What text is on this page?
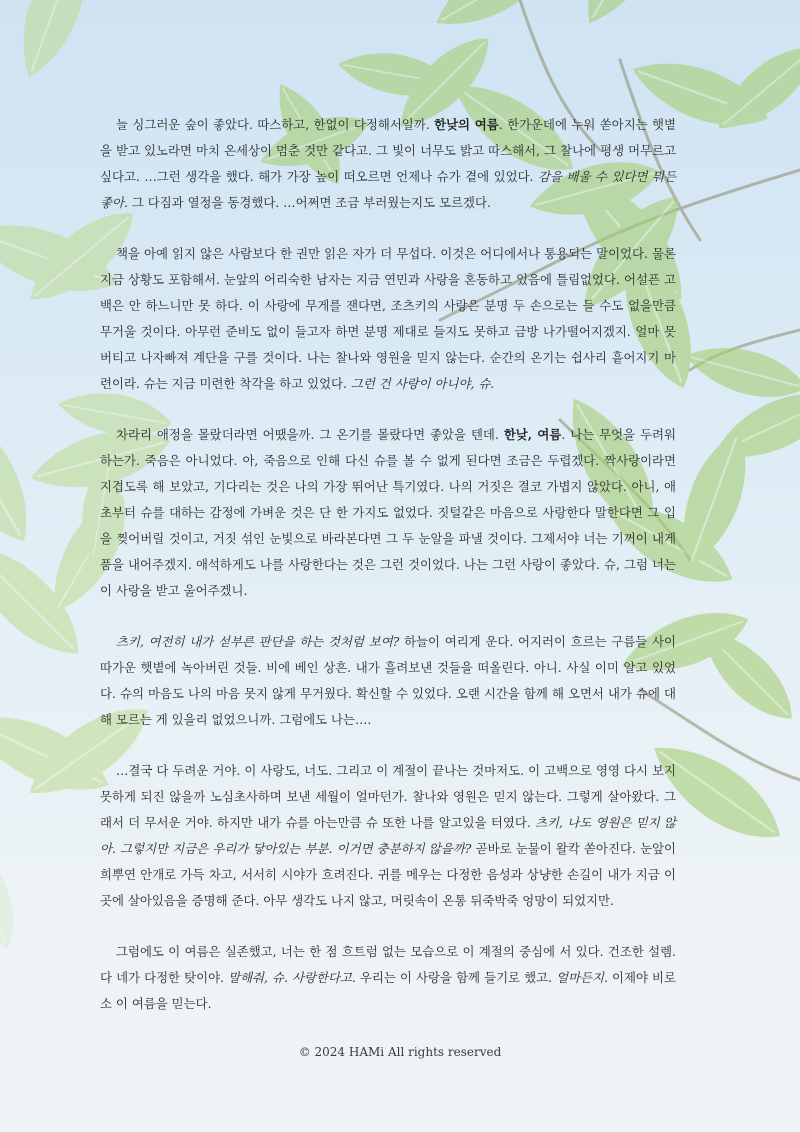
늘 싱그러운 숲이 좋았다. 따스하고, 한없이 다정해서일까. 한낮의 여름. 한가운데에 누워 쏟아지는 햇볕을 받고 있노라면 마치 온세상이 멈춘 것만 같다고. 그 빛이 너무도 밝고 따스해서, 그 찰나에 평생 머무르고 싶다고. …그런 생각을 했다. 해가 가장 높이 떠오르면 언제나 슈가 곁에 있었다. 감을 배울 수 있다면 뭐든 좋아. 그 다짐과 열정을 동경했다. …어쩌면 조금 부러웠는지도 모르겠다.

책을 아예 읽지 않은 사람보다 한 권만 읽은 자가 더 무섭다. 이것은 어디에서나 통용되는 말이었다. 물론 지금 상황도 포함해서. 눈앞의 어리숙한 남자는 지금 연민과 사랑을 혼동하고 있음에 틀림없었다. 어설픈 고백은 안 하느니만 못 하다. 이 사랑에 무게를 잰다면, 조츠키의 사랑은 분명 두 손으로는 들 수도 없을만큼 무거울 것이다. 아무런 준비도 없이 들고자 하면 분명 제대로 들지도 못하고 금방 나가떨어지겠지. 얼마 못 버티고 나자빠져 계단을 구를 것이다. 나는 찰나와 영원을 믿지 않는다. 순간의 온기는 쉽사리 흩어지기 마련이라. 슈는 지금 미련한 착각을 하고 있었다. 그런 건 사랑이 아니야, 슈.

차라리 애정을 몰랐더라면 어땠을까. 그 온기를 몰랐다면 좋았을 텐데. 한낮, 여름. 나는 무엇을 두려워 하는가. 죽음은 아니었다. 아, 죽음으로 인해 다신 슈를 볼 수 없게 된다면 조금은 두렵겠다. 짝사랑이라면 지겹도록 해 보았고, 기다리는 것은 나의 가장 뛰어난 특기였다. 나의 거짓은 결코 가볍지 않았다. 아니, 애초부터 슈를 대하는 감정에 가벼운 것은 단 한 가지도 없었다. 짓털같은 마음으로 사랑한다 말한다면 그 입을 찢어버릴 것이고, 거짓 섞인 눈빛으로 바라본다면 그 두 눈알을 파낼 것이다. 그제서야 너는 기꺼이 내게 품을 내어주겠지. 애석하게도 나를 사랑한다는 것은 그런 것이었다. 나는 그런 사랑이 좋았다. 슈, 그럼 너는 이 사랑을 받고 울어주겠니.

츠키, 여전히 내가 섣부른 판단을 하는 것처럼 보여? 하늘이 여리게 운다. 어지러이 흐르는 구름들 사이 따가운 햇볕에 녹아버린 것들. 비에 베인 상흔. 내가 흘려보낸 것들을 떠올린다. 아니. 사실 이미 알고 있었다. 슈의 마음도 나의 마음 못지 않게 무거웠다. 확신할 수 있었다. 오랜 시간을 함께 해 오면서 내가 슈에 대해 모르는 게 있을리 없었으니까. 그럼에도 나는….

…결국 다 두려운 거야. 이 사랑도, 너도. 그리고 이 계절이 끝나는 것마저도. 이 고백으로 영영 다시 보지 못하게 되진 않을까 노심초사하며 보낸 세월이 얼마던가. 찰나와 영원은 믿지 않는다. 그렇게 살아왔다. 그래서 더 무서운 거야. 하지만 내가 슈를 아는만큼 슈 또한 나를 알고있을 터였다. 츠키, 나도 영원은 믿지 않아. 그렇지만 지금은 우리가 닿아있는 부분. 이거면 충분하지 않을까? 곧바로 눈물이 왈칵 쏟아진다. 눈앞이 희뿌연 안개로 가득 차고, 서서히 시야가 흐려진다. 귀를 메우는 다정한 음성과 상냥한 손길이 내가 지금 이곳에 살아있음을 증명해 준다. 아무 생각도 나지 않고, 머릿속이 온통 뒤죽박죽 엉망이 되었지만.

그럼에도 이 여름은 실존했고, 너는 한 점 흐트럼 없는 모습으로 이 계절의 중심에 서 있다. 건조한 설렘. 다 네가 다정한 탓이야. 말해줘, 슈. 사랑한다고. 우리는 이 사랑을 함께 들기로 했고. 얼마든지. 이제야 비로소 이 여름을 믿는다.

© 2024 HAMi All rights reserved
